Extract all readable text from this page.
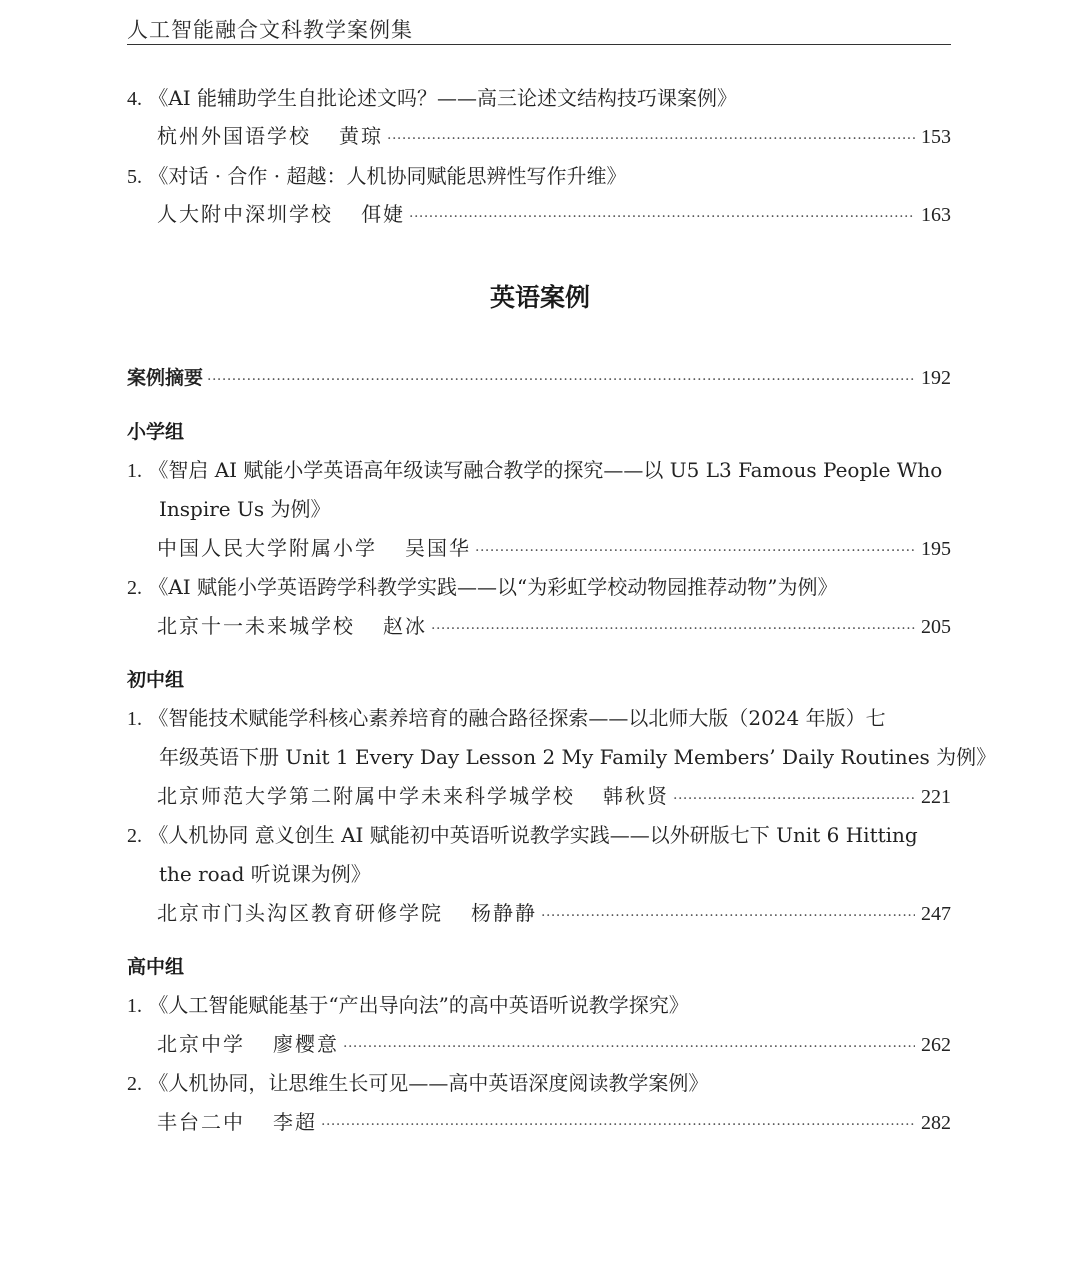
人工智能融合文科教学案例集
4. 《AI 能辅助学生自批论述文吗？——高三论述文结构技巧课案例》
杭州外国语学校 黄琼 ·····	153
5. 《对话 · 合作 · 超越：人机协同赋能思辨性写作升维》
人大附中深圳学校 佴婕 ·····	163
英语案例
案例摘要 ·····	192
小学组
1. 《智启 AI 赋能小学英语高年级读写融合教学的探究——以 U5 L3 Famous People Who
Inspire Us 为例》
中国人民大学附属小学 吴国华 ·····	195
2. 《AI 赋能小学英语跨学科教学实践——以“为彩虹学校动物园推荐动物”为例》
北京十一未来城学校 赵冰 ·····	205
初中组
1. 《智能技术赋能学科核心素养培育的融合路径探索——以北师大版（2024 年版）七
年级英语下册 Unit 1 Every Day Lesson 2 My Family Members’ Daily Routines 为例》
北京师范大学第二附属中学未来科学城学校 韩秋贤 ·····	221
2. 《人机协同 意义创生 AI 赋能初中英语听说教学实践——以外研版七下 Unit 6 Hitting
the road 听说课为例》
北京市门头沟区教育研修学院 杨静静 ·····	247
高中组
1. 《人工智能赋能基于“产出导向法”的高中英语听说教学探究》
北京中学 廖樱意 ·····	262
2. 《人机协同，让思维生长可见——高中英语深度阅读教学案例》
丰台二中 李超 ·····	282
